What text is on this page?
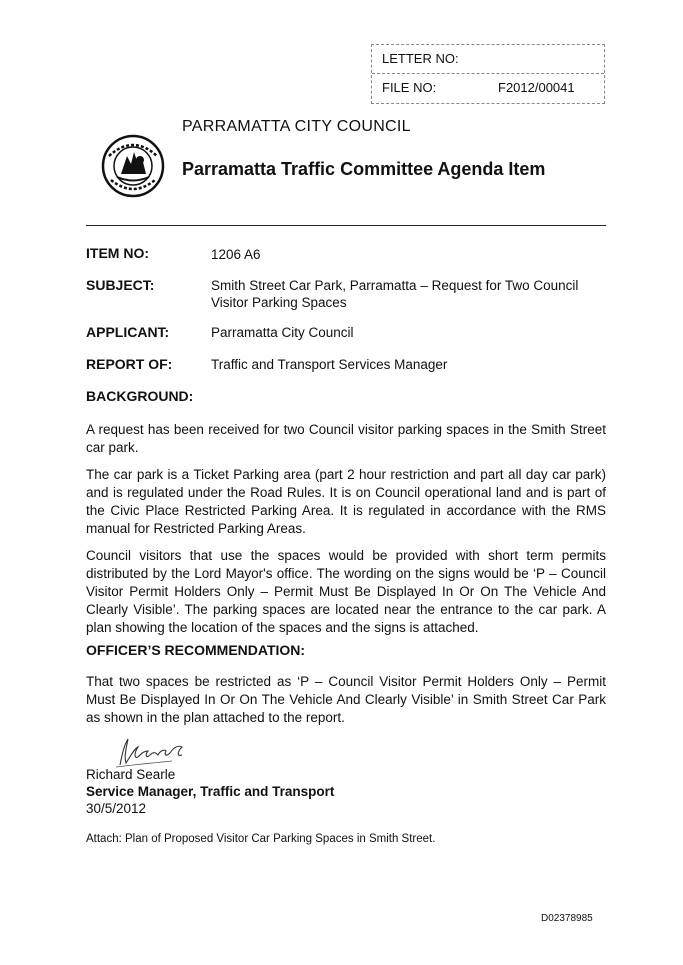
LETTER NO:
FILE NO:	F2012/00041
PARRAMATTA CITY COUNCIL
Parramatta Traffic Committee Agenda Item
ITEM NO:	1206 A6
SUBJECT:	Smith Street Car Park, Parramatta – Request for Two Council Visitor Parking Spaces
APPLICANT:	Parramatta City Council
REPORT OF:	Traffic and Transport Services Manager
BACKGROUND:
A request has been received for two Council visitor parking spaces in the Smith Street car park.
The car park is a Ticket Parking area (part 2 hour restriction and part all day car park) and is regulated under the Road Rules. It is on Council operational land and is part of the Civic Place Restricted Parking Area. It is regulated in accordance with the RMS manual for Restricted Parking Areas.
Council visitors that use the spaces would be provided with short term permits distributed by the Lord Mayor's office. The wording on the signs would be ‘P – Council Visitor Permit Holders Only – Permit Must Be Displayed In Or On The Vehicle And Clearly Visible’. The parking spaces are located near the entrance to the car park. A plan showing the location of the spaces and the signs is attached.
OFFICER’S RECOMMENDATION:
That two spaces be restricted as ‘P – Council Visitor Permit Holders Only – Permit Must Be Displayed In Or On The Vehicle And Clearly Visible’ in Smith Street Car Park as shown in the plan attached to the report.
Richard Searle
Service Manager, Traffic and Transport
30/5/2012
Attach: Plan of Proposed Visitor Car Parking Spaces in Smith Street.
D02378985
